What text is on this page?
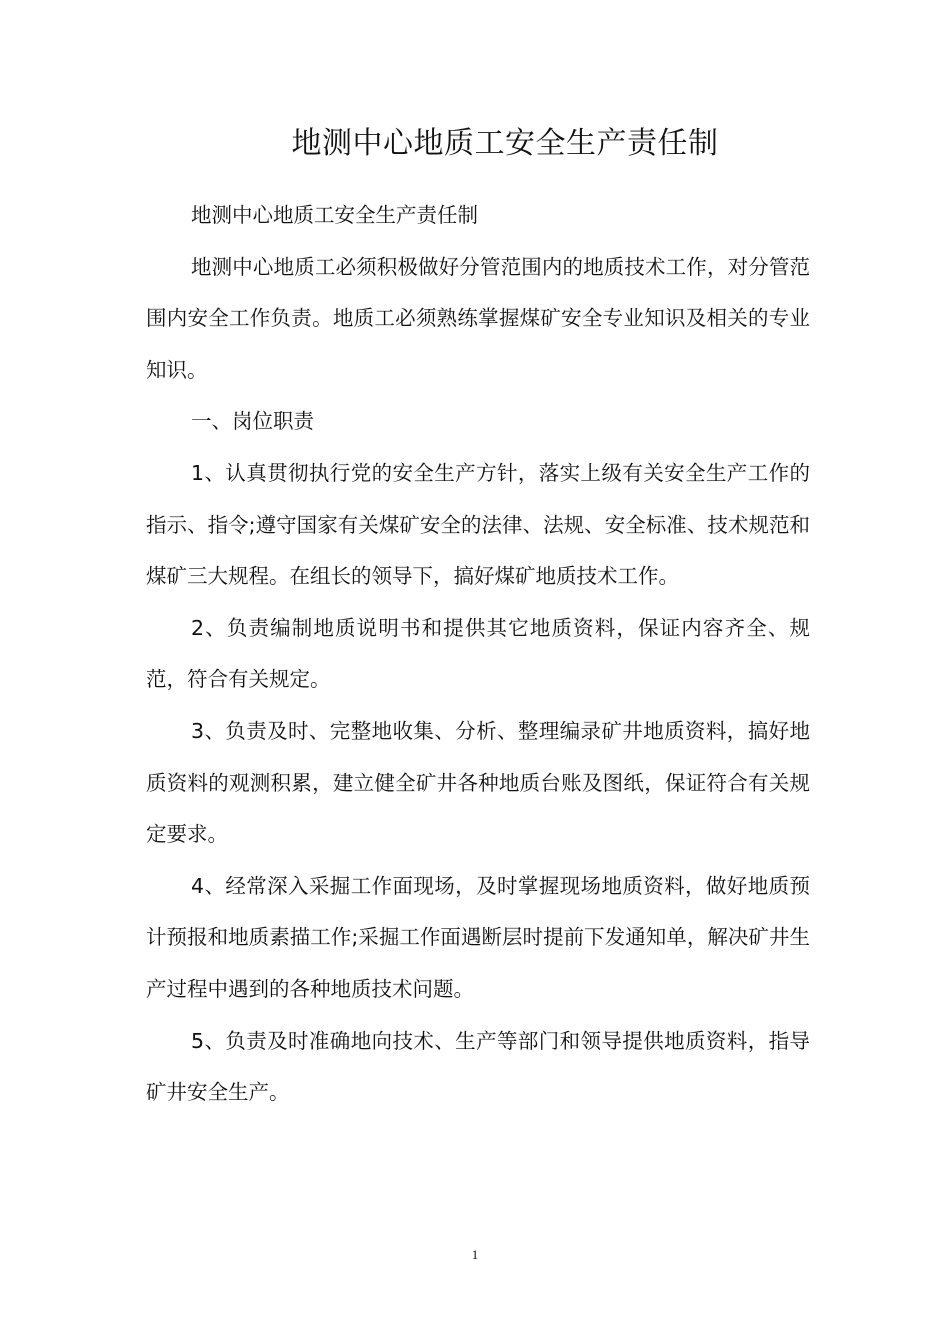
地测中心地质工安全生产责任制

地测中心地质工安全生产责任制

地测中心地质工必须积极做好分管范围内的地质技术工作，对分管范围内安全工作负责。地质工必须熟练掌握煤矿安全专业知识及相关的专业知识。

一、岗位职责

1、认真贯彻执行党的安全生产方针，落实上级有关安全生产工作的指示、指令;遵守国家有关煤矿安全的法律、法规、安全标准、技术规范和煤矿三大规程。在组长的领导下，搞好煤矿地质技术工作。

2、负责编制地质说明书和提供其它地质资料，保证内容齐全、规范，符合有关规定。

3、负责及时、完整地收集、分析、整理编录矿井地质资料，搞好地质资料的观测积累，建立健全矿井各种地质台账及图纸，保证符合有关规定要求。

4、经常深入采掘工作面现场，及时掌握现场地质资料，做好地质预计预报和地质素描工作;采掘工作面遇断层时提前下发通知单，解决矿井生产过程中遇到的各种地质技术问题。

5、负责及时准确地向技术、生产等部门和领导提供地质资料，指导矿井安全生产。

1
